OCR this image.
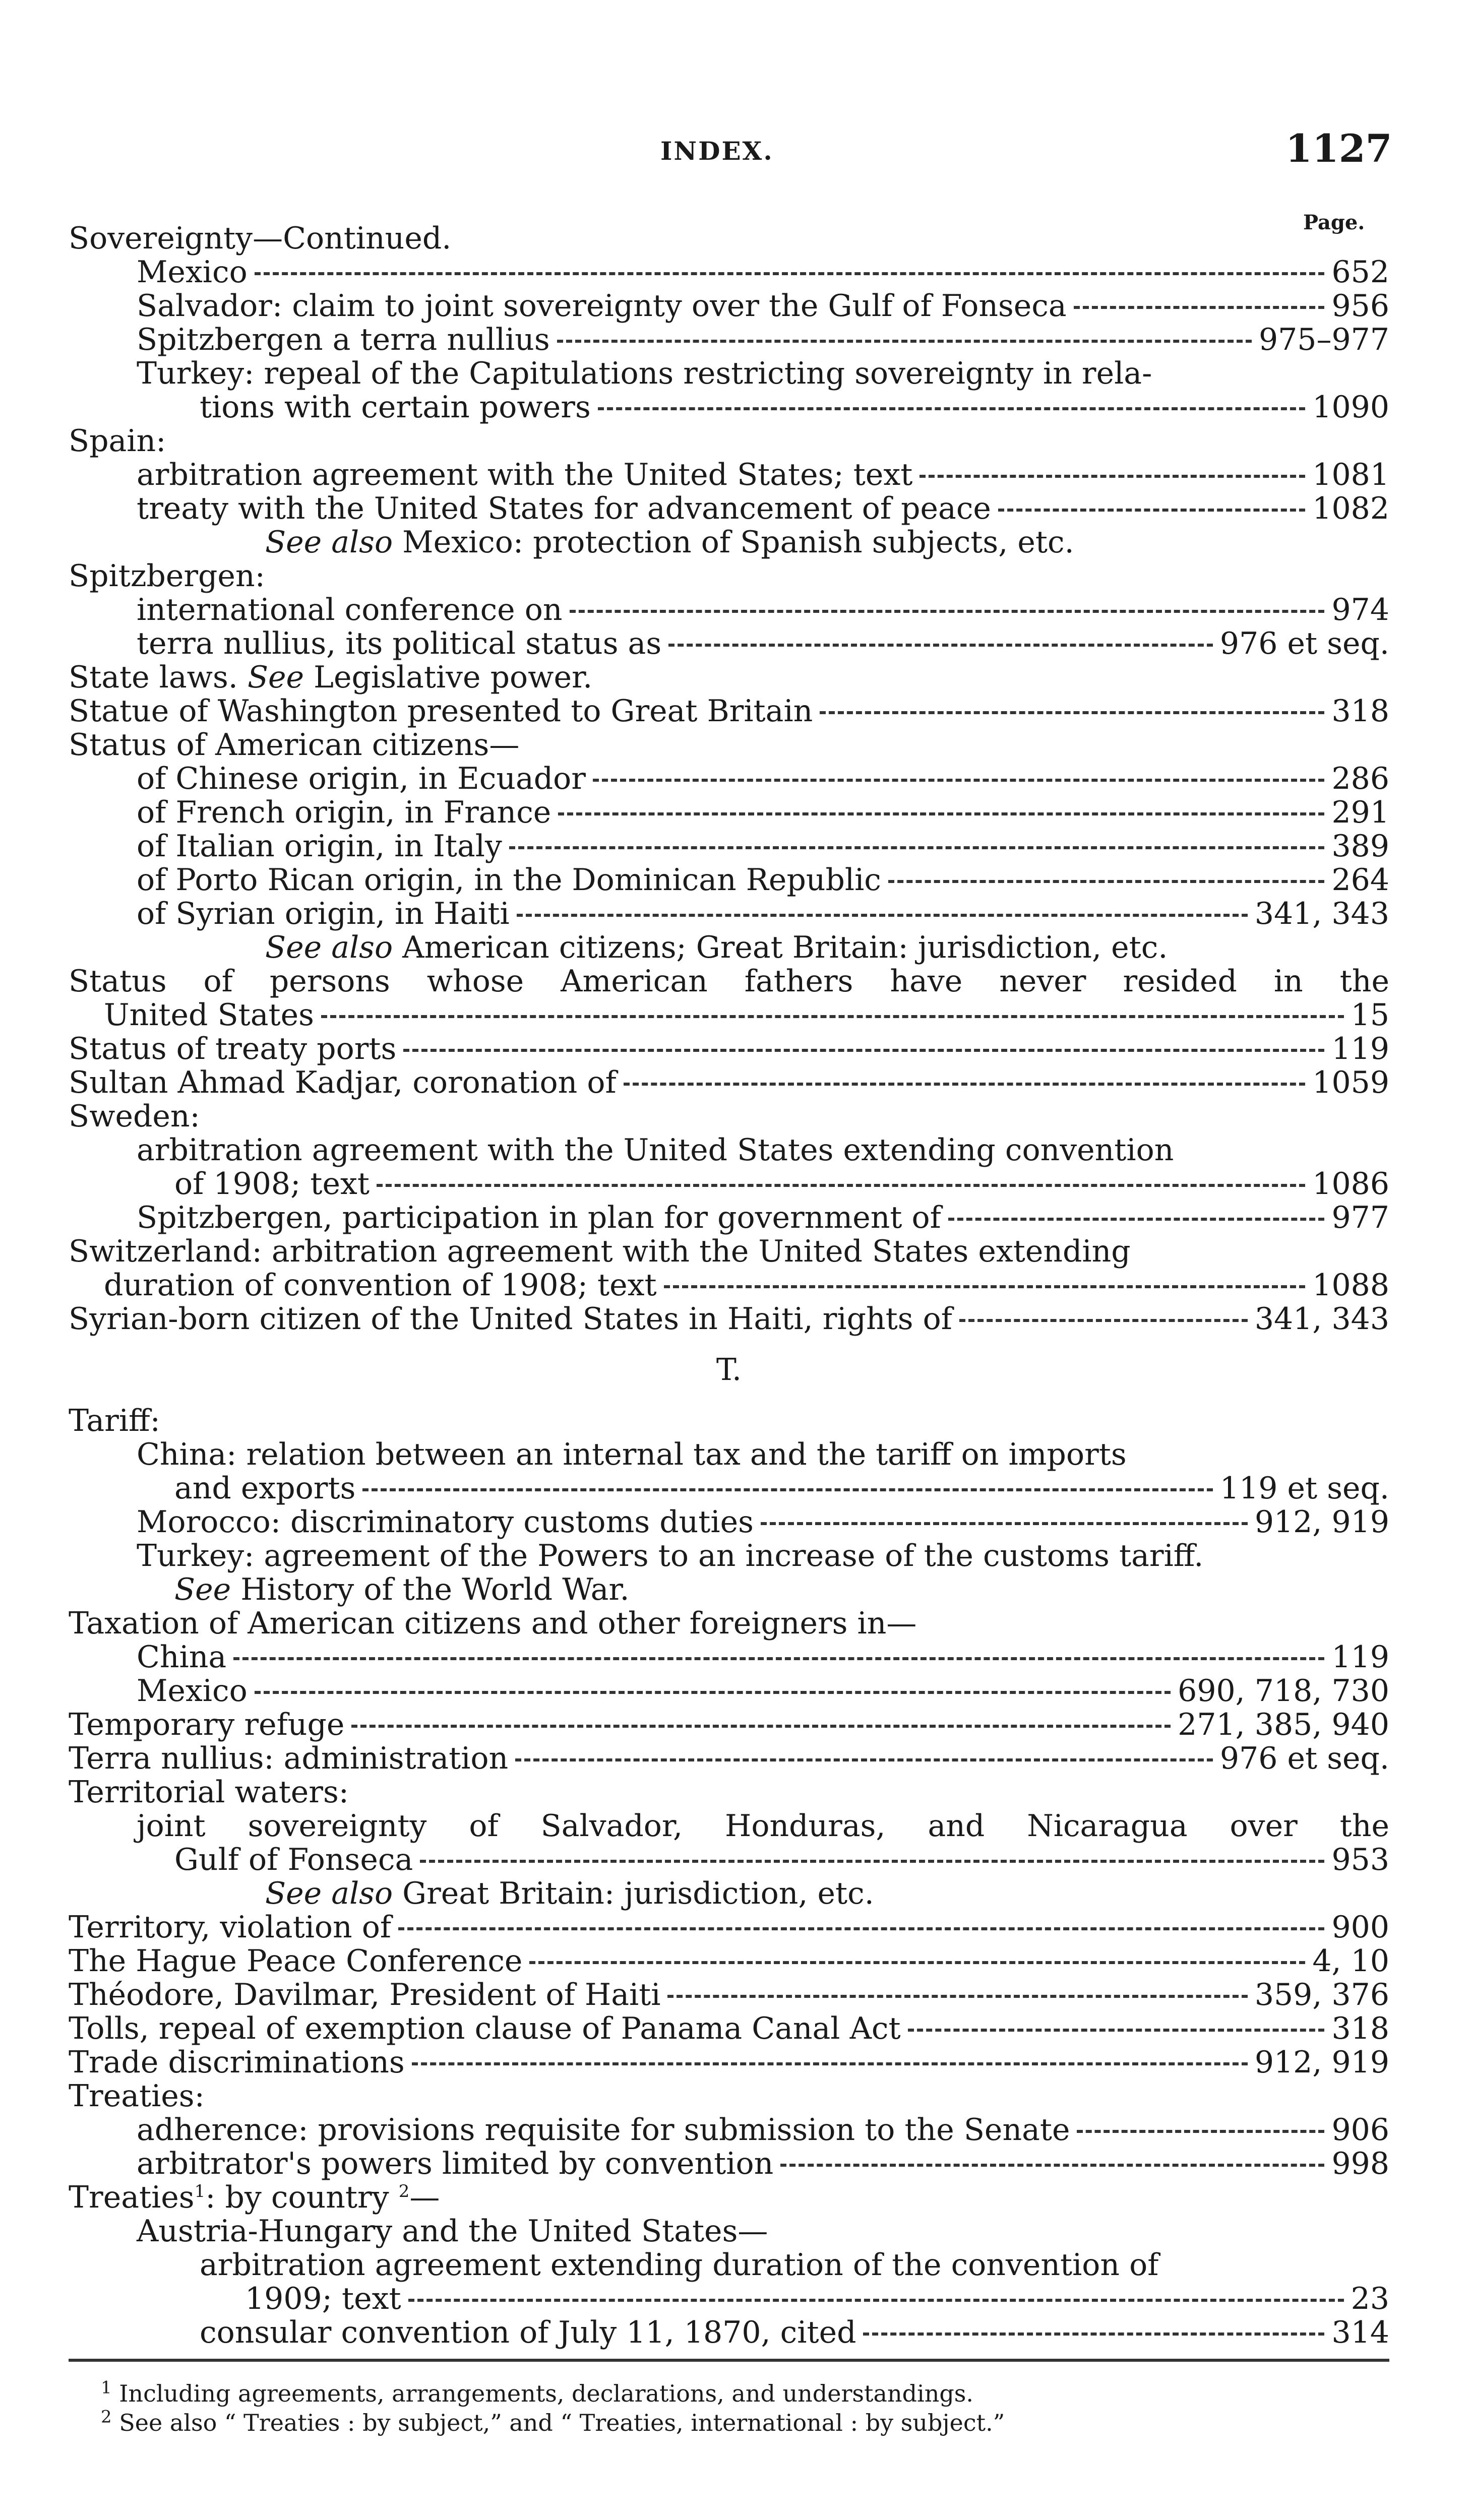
INDEX.	1127
Page.
Sovereignty—Continued.
Mexico	652
Salvador: claim to joint sovereignty over the Gulf of Fonseca	956
Spitzbergen a terra nullius	975–977
Turkey: repeal of the Capitulations restricting sovereignty in rela-
tions with certain powers	1090
Spain:
arbitration agreement with the United States; text	1081
treaty with the United States for advancement of peace	1082
See also Mexico: protection of Spanish subjects, etc.
Spitzbergen:
international conference on	974
terra nullius, its political status as	976 et seq.
State laws. See Legislative power.
Statue of Washington presented to Great Britain	318
Status of American citizens—
of Chinese origin, in Ecuador	286
of French origin, in France	291
of Italian origin, in Italy	389
of Porto Rican origin, in the Dominican Republic	264
of Syrian origin, in Haiti	341, 343
See also American citizens; Great Britain: jurisdiction, etc.
Status of persons whose American fathers have never resided in the
United States	15
Status of treaty ports	119
Sultan Ahmad Kadjar, coronation of	1059
Sweden:
arbitration agreement with the United States extending convention
of 1908; text	1086
Spitzbergen, participation in plan for government of	977
Switzerland: arbitration agreement with the United States extending
duration of convention of 1908; text	1088
Syrian-born citizen of the United States in Haiti, rights of	341, 343
T.
Tariff:
China: relation between an internal tax and the tariff on imports
and exports	119 et seq.
Morocco: discriminatory customs duties	912, 919
Turkey: agreement of the Powers to an increase of the customs tariff.
See History of the World War.
Taxation of American citizens and other foreigners in—
China	119
Mexico	690, 718, 730
Temporary refuge	271, 385, 940
Terra nullius: administration	976 et seq.
Territorial waters:
joint sovereignty of Salvador, Honduras, and Nicaragua over the
Gulf of Fonseca	953
See also Great Britain: jurisdiction, etc.
Territory, violation of	900
The Hague Peace Conference	4, 10
Théodore, Davilmar, President of Haiti	359, 376
Tolls, repeal of exemption clause of Panama Canal Act	318
Trade discriminations	912, 919
Treaties:
adherence: provisions requisite for submission to the Senate	906
arbitrator's powers limited by convention	998
Treaties$^1$: by country $^2$—
Austria-Hungary and the United States—
arbitration agreement extending duration of the convention of
1909; text	23
consular convention of July 11, 1870, cited	314
$^1$ Including agreements, arrangements, declarations, and understandings.
$^2$ See also “ Treaties : by subject,” and “ Treaties, international : by subject.”
